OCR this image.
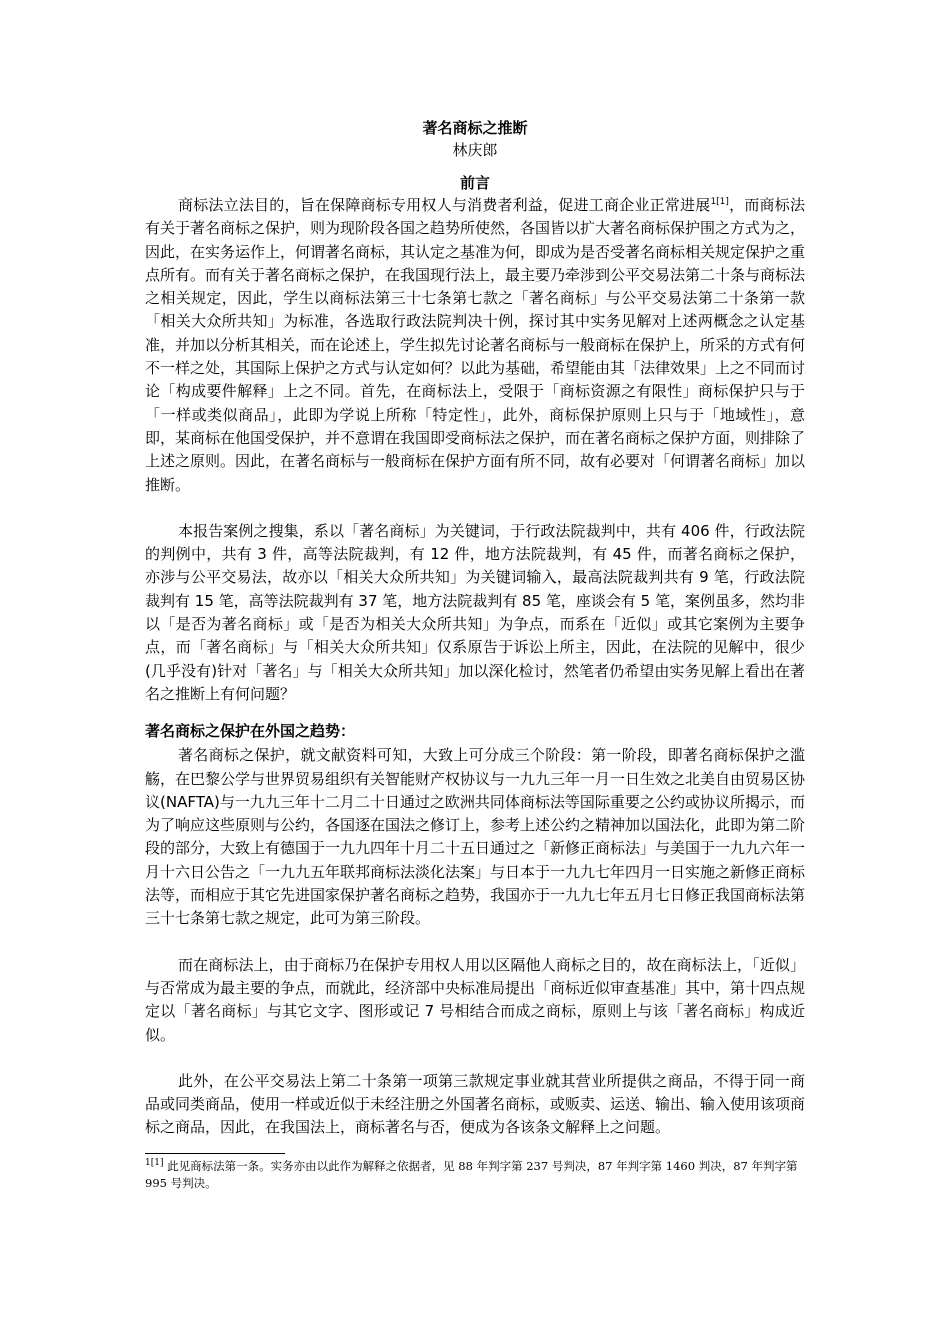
著名商标之推断

林庆郎

前言

商标法立法目的，旨在保障商标专用权人与消费者利益，促进工商企业正常进展$^{1[1]}$，而商标法有关于著名商标之保护，则为现阶段各国之趋势所使然，各国皆以扩大著名商标保护围之方式为之，因此，在实务运作上，何谓著名商标，其认定之基准为何，即成为是否受著名商标相关规定保护之重点所有。而有关于著名商标之保护，在我国现行法上，最主要乃牵涉到公平交易法第二十条与商标法之相关规定，因此，学生以商标法第三十七条第七款之「著名商标」与公平交易法第二十条第一款「相关大众所共知」为标准，各选取行政法院判决十例，探讨其中实务见解对上述两概念之认定基准，并加以分析其相关，而在论述上，学生拟先讨论著名商标与一般商标在保护上，所采的方式有何不一样之处，其国际上保护之方式与认定如何？以此为基础，希望能由其「法律效果」上之不同而讨论「构成要件解释」上之不同。首先，在商标法上，受限于「商标资源之有限性」商标保护只与于「一样或类似商品」，此即为学说上所称「特定性」，此外，商标保护原则上只与于「地域性」，意即，某商标在他国受保护，并不意谓在我国即受商标法之保护，而在著名商标之保护方面，则排除了上述之原则。因此，在著名商标与一般商标在保护方面有所不同，故有必要对「何谓著名商标」加以推断。

本报告案例之搜集，系以「著名商标」为关键词，于行政法院裁判中，共有 406 件，行政法院的判例中，共有 3 件，高等法院裁判，有 12 件，地方法院裁判，有 45 件，而著名商标之保护，亦涉与公平交易法，故亦以「相关大众所共知」为关键词输入，最高法院裁判共有 9 笔，行政法院裁判有 15 笔，高等法院裁判有 37 笔，地方法院裁判有 85 笔，座谈会有 5 笔，案例虽多，然均非以「是否为著名商标」或「是否为相关大众所共知」为争点，而系在「近似」或其它案例为主要争点，而「著名商标」与「相关大众所共知」仅系原告于诉讼上所主，因此，在法院的见解中，很少(几乎没有)针对「著名」与「相关大众所共知」加以深化检讨，然笔者仍希望由实务见解上看出在著名之推断上有何问题？

著名商标之保护在外国之趋势：

著名商标之保护，就文献资料可知，大致上可分成三个阶段：第一阶段，即著名商标保护之滥觞，在巴黎公学与世界贸易组织有关智能财产权协议与一九九三年一月一日生效之北美自由贸易区协议(NAFTA)与一九九三年十二月二十日通过之欧洲共同体商标法等国际重要之公约或协议所揭示，而为了响应这些原则与公约，各国逐在国法之修订上，参考上述公约之精神加以国法化，此即为第二阶段的部分，大致上有德国于一九九四年十月二十五日通过之「新修正商标法」与美国于一九九六年一月十六日公告之「一九九五年联邦商标法淡化法案」与日本于一九九七年四月一日实施之新修正商标法等，而相应于其它先进国家保护著名商标之趋势，我国亦于一九九七年五月七日修正我国商标法第三十七条第七款之规定，此可为第三阶段。

而在商标法上，由于商标乃在保护专用权人用以区隔他人商标之目的，故在商标法上，「近似」与否常成为最主要的争点，而就此，经济部中央标准局提出「商标近似审查基准」其中，第十四点规定以「著名商标」与其它文字、图形或记 7 号相结合而成之商标，原则上与该「著名商标」构成近似。

此外，在公平交易法上第二十条第一项第三款规定事业就其营业所提供之商品，不得于同一商品或同类商品，使用一样或近似于未经注册之外国著名商标，或贩卖、运送、输出、输入使用该项商标之商品，因此，在我国法上，商标著名与否，便成为各该条文解释上之问题。

$^{1[1]}$ 此见商标法第一条。实务亦由以此作为解释之依据者，见 88 年判字第 237 号判决，87 年判字第 1460 判决，87 年判字第 995 号判决。
